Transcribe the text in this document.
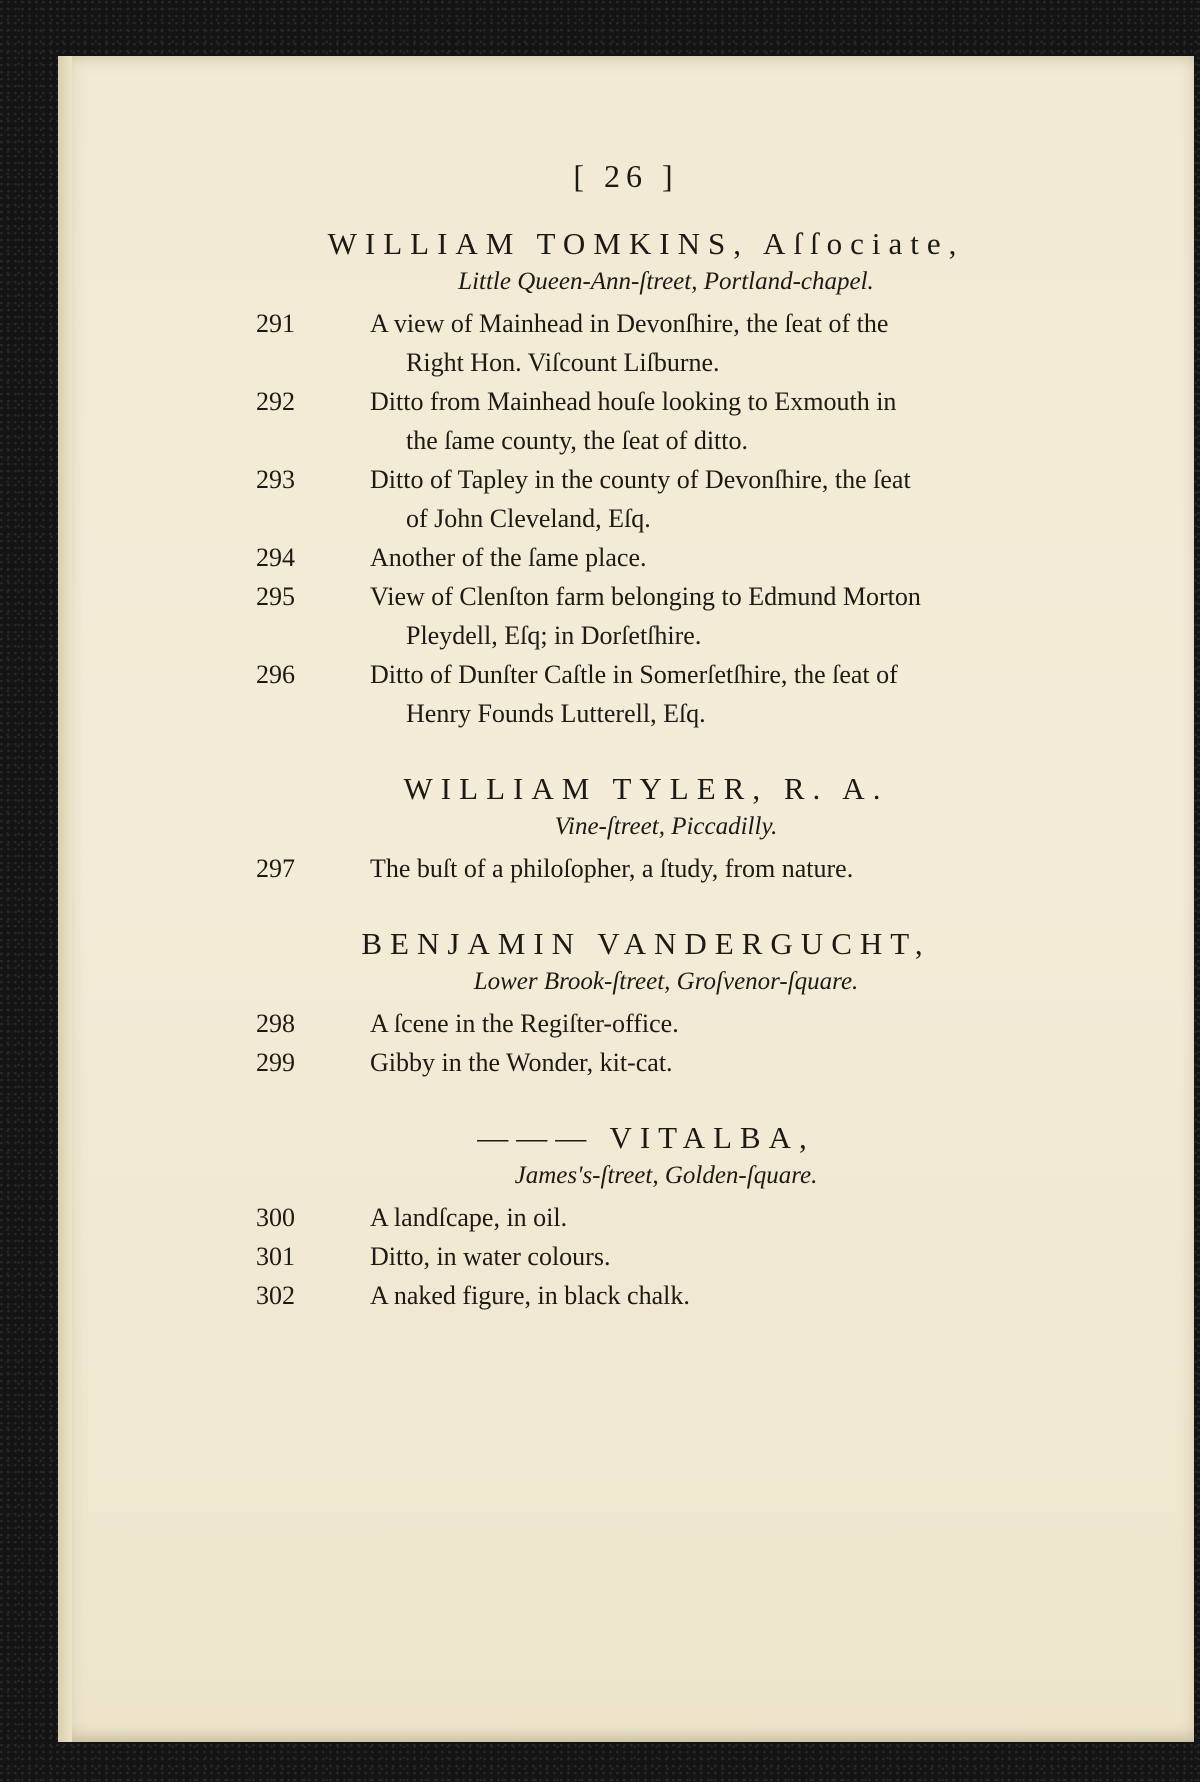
[ 26 ]
WILLIAM TOMKINS, Aſſociate,
Little Queen-Ann-ſtreet, Portland-chapel.
291	A view of Mainhead in Devonſhire, the ſeat of the
Right Hon. Viſcount Liſburne.
292	Ditto from Mainhead houſe looking to Exmouth in
the ſame county, the ſeat of ditto.
293	Ditto of Tapley in the county of Devonſhire, the ſeat
of John Cleveland, Eſq.
294	Another of the ſame place.
295	View of Clenſton farm belonging to Edmund Morton
Pleydell, Eſq; in Dorſetſhire.
296	Ditto of Dunſter Caſtle in Somerſetſhire, the ſeat of
Henry Founds Lutterell, Eſq.
WILLIAM TYLER, R. A.
Vine-ſtreet, Piccadilly.
297	The buſt of a philoſopher, a ſtudy, from nature.
BENJAMIN VANDERGUCHT,
Lower Brook-ſtreet, Groſvenor-ſquare.
298	A ſcene in the Regiſter-office.
299	Gibby in the Wonder, kit-cat.
——— VITALBA,
James's-ſtreet, Golden-ſquare.
300	A landſcape, in oil.
301	Ditto, in water colours.
302	A naked figure, in black chalk.
